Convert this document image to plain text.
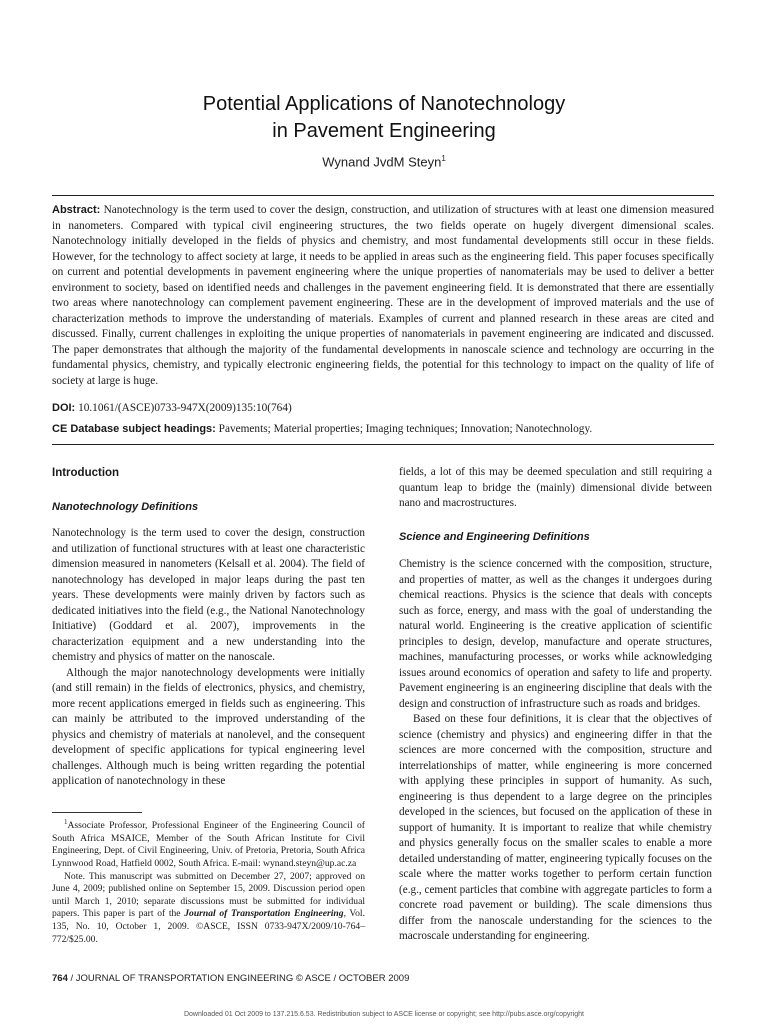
Potential Applications of Nanotechnology
in Pavement Engineering
Wynand JvdM Steyn$^1$
Abstract: Nanotechnology is the term used to cover the design, construction, and utilization of structures with at least one dimension measured in nanometers. Compared with typical civil engineering structures, the two fields operate on hugely divergent dimensional scales. Nanotechnology initially developed in the fields of physics and chemistry, and most fundamental developments still occur in these fields. However, for the technology to affect society at large, it needs to be applied in areas such as the engineering field. This paper focuses specifically on current and potential developments in pavement engineering where the unique properties of nanomaterials may be used to deliver a better environment to society, based on identified needs and challenges in the pavement engineering field. It is demonstrated that there are essentially two areas where nanotechnology can complement pavement engineering. These are in the development of improved materials and the use of characterization methods to improve the understanding of materials. Examples of current and planned research in these areas are cited and discussed. Finally, current challenges in exploiting the unique properties of nanomaterials in pavement engineering are indicated and discussed. The paper demonstrates that although the majority of the fundamental developments in nanoscale science and technology are occurring in the fundamental physics, chemistry, and typically electronic engineering fields, the potential for this technology to impact on the quality of life of society at large is huge.
DOI: 10.1061/(ASCE)0733-947X(2009)135:10(764)
CE Database subject headings: Pavements; Material properties; Imaging techniques; Innovation; Nanotechnology.
Introduction
Nanotechnology Definitions

Nanotechnology is the term used to cover the design, construction and utilization of functional structures with at least one characteristic dimension measured in nanometers (Kelsall et al. 2004). The field of nanotechnology has developed in major leaps during the past ten years. These developments were mainly driven by factors such as dedicated initiatives into the field (e.g., the National Nanotechnology Initiative) (Goddard et al. 2007), improvements in the characterization equipment and a new understanding into the chemistry and physics of matter on the nanoscale.

Although the major nanotechnology developments were initially (and still remain) in the fields of electronics, physics, and chemistry, more recent applications emerged in fields such as engineering. This can mainly be attributed to the improved understanding of the physics and chemistry of materials at nanolevel, and the consequent development of specific applications for typical engineering level challenges. Although much is being written regarding the potential application of nanotechnology in these

$^1$Associate Professor, Professional Engineer of the Engineering Council of South Africa MSAICE, Member of the South African Institute for Civil Engineering, Dept. of Civil Engineering, Univ. of Pretoria, Pretoria, South Africa Lynnwood Road, Hatfield 0002, South Africa. E-mail: wynand.steyn@up.ac.za

Note. This manuscript was submitted on December 27, 2007; approved on June 4, 2009; published online on September 15, 2009. Discussion period open until March 1, 2010; separate discussions must be submitted for individual papers. This paper is part of the Journal of Transportation Engineering, Vol. 135, No. 10, October 1, 2009. ©ASCE, ISSN 0733-947X/2009/10-764–772/$25.00.

fields, a lot of this may be deemed speculation and still requiring a quantum leap to bridge the (mainly) dimensional divide between nano and macrostructures.

Science and Engineering Definitions

Chemistry is the science concerned with the composition, structure, and properties of matter, as well as the changes it undergoes during chemical reactions. Physics is the science that deals with concepts such as force, energy, and mass with the goal of understanding the natural world. Engineering is the creative application of scientific principles to design, develop, manufacture and operate structures, machines, manufacturing processes, or works while acknowledging issues around economics of operation and safety to life and property. Pavement engineering is an engineering discipline that deals with the design and construction of infrastructure such as roads and bridges.

Based on these four definitions, it is clear that the objectives of science (chemistry and physics) and engineering differ in that the sciences are more concerned with the composition, structure and interrelationships of matter, while engineering is more concerned with applying these principles in support of humanity. As such, engineering is thus dependent to a large degree on the principles developed in the sciences, but focused on the application of these in support of humanity. It is important to realize that while chemistry and physics generally focus on the smaller scales to enable a more detailed understanding of matter, engineering typically focuses on the scale where the matter works together to perform certain function (e.g., cement particles that combine with aggregate particles to form a concrete road pavement or building). The scale dimensions thus differ from the nanoscale understanding for the sciences to the macroscale understanding for engineering.

764 / JOURNAL OF TRANSPORTATION ENGINEERING © ASCE / OCTOBER 2009
Downloaded 01 Oct 2009 to 137.215.6.53. Redistribution subject to ASCE license or copyright; see http://pubs.asce.org/copyright
